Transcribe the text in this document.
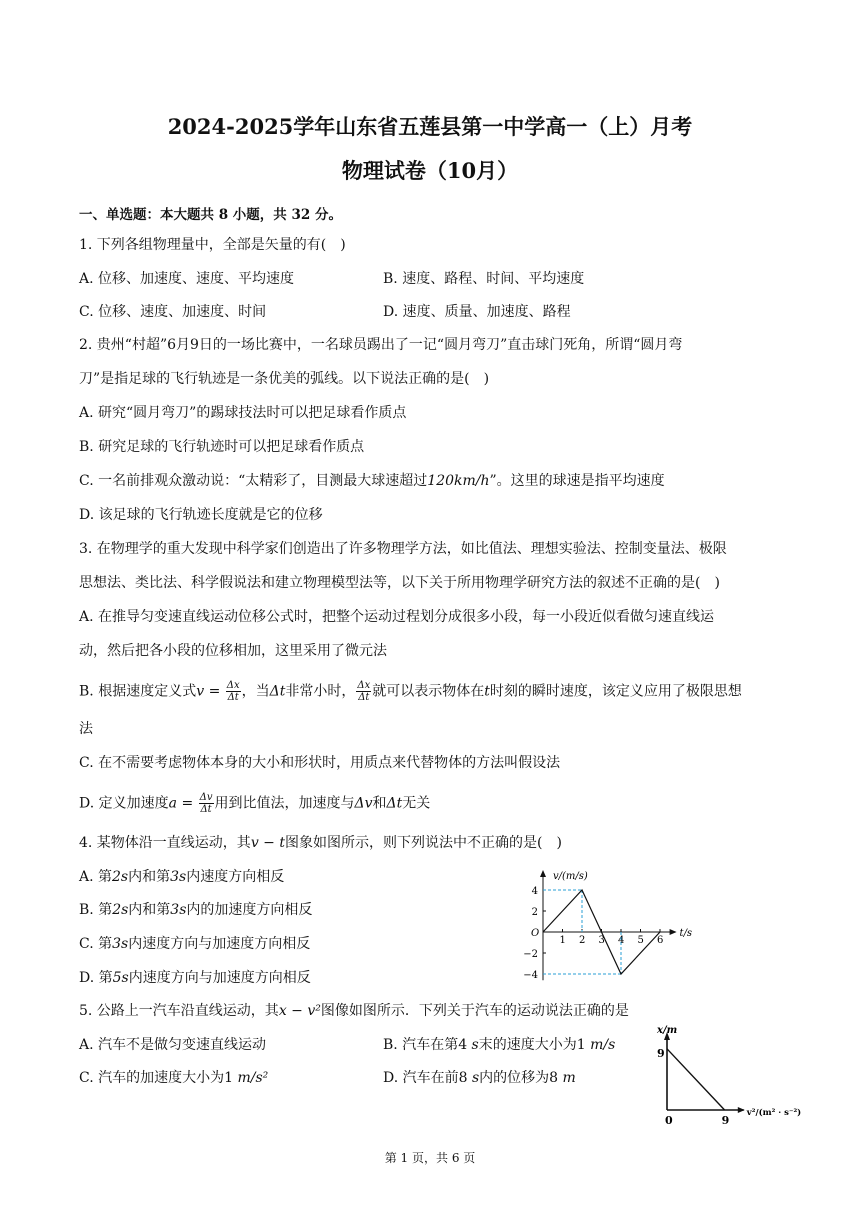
2024-2025学年山东省五莲县第一中学高一（上）月考
物理试卷（10月）
一、单选题：本大题共 8 小题，共 32 分。
1. 下列各组物理量中，全部是矢量的有( )
A. 位移、加速度、速度、平均速度	B. 速度、路程、时间、平均速度
C. 位移、速度、加速度、时间	D. 速度、质量、加速度、路程
2. 贵州“村超”6月9日的一场比赛中，一名球员踢出了一记“圆月弯刀”直击球门死角，所谓“圆月弯
刀”是指足球的飞行轨迹是一条优美的弧线。以下说法正确的是( )
A. 研究“圆月弯刀”的踢球技法时可以把足球看作质点
B. 研究足球的飞行轨迹时可以把足球看作质点
C. 一名前排观众激动说：“太精彩了，目测最大球速超过120km/h”。这里的球速是指平均速度
D. 该足球的飞行轨迹长度就是它的位移
3. 在物理学的重大发现中科学家们创造出了许多物理学方法，如比值法、理想实验法、控制变量法、极限
思想法、类比法、科学假说法和建立物理模型法等，以下关于所用物理学研究方法的叙述不正确的是( )
A. 在推导匀变速直线运动位移公式时，把整个运动过程划分成很多小段，每一小段近似看做匀速直线运
动，然后把各小段的位移相加，这里采用了微元法
B. 根据速度定义式$v = \frac{\Delta x}{\Delta t}$ ，当Δt非常小时， $\frac{\Delta x}{\Delta t}$ 就可以表示物体在t时刻的瞬时速度，该定义应用了极限思想
法
C. 在不需要考虑物体本身的大小和形状时，用质点来代替物体的方法叫假设法
D. 定义加速度$a = \frac{\Delta v}{\Delta t}$ 用到比值法，加速度与Δv和Δt无关
4. 某物体沿一直线运动，其v − t图象如图所示，则下列说法中不正确的是( )
A. 第2s内和第3s内速度方向相反
B. 第2s内和第3s内的加速度方向相反
C. 第3s内速度方向与加速度方向相反
D. 第5s内速度方向与加速度方向相反
v/(m/s)
t/s
O
1 2 3 4 5 6
4
2
−2
−4
5. 公路上一汽车沿直线运动，其x − v²图像如图所示．下列关于汽车的运动说法正确的是
A. 汽车不是做匀变速直线运动	B. 汽车在第4 s末的速度大小为1 m/s
C. 汽车的加速度大小为1 m/s²	D. 汽车在前8 s内的位移为8 m
x/m
v²/(m² · s⁻²)
0
9
9
第 1 页，共 6 页
